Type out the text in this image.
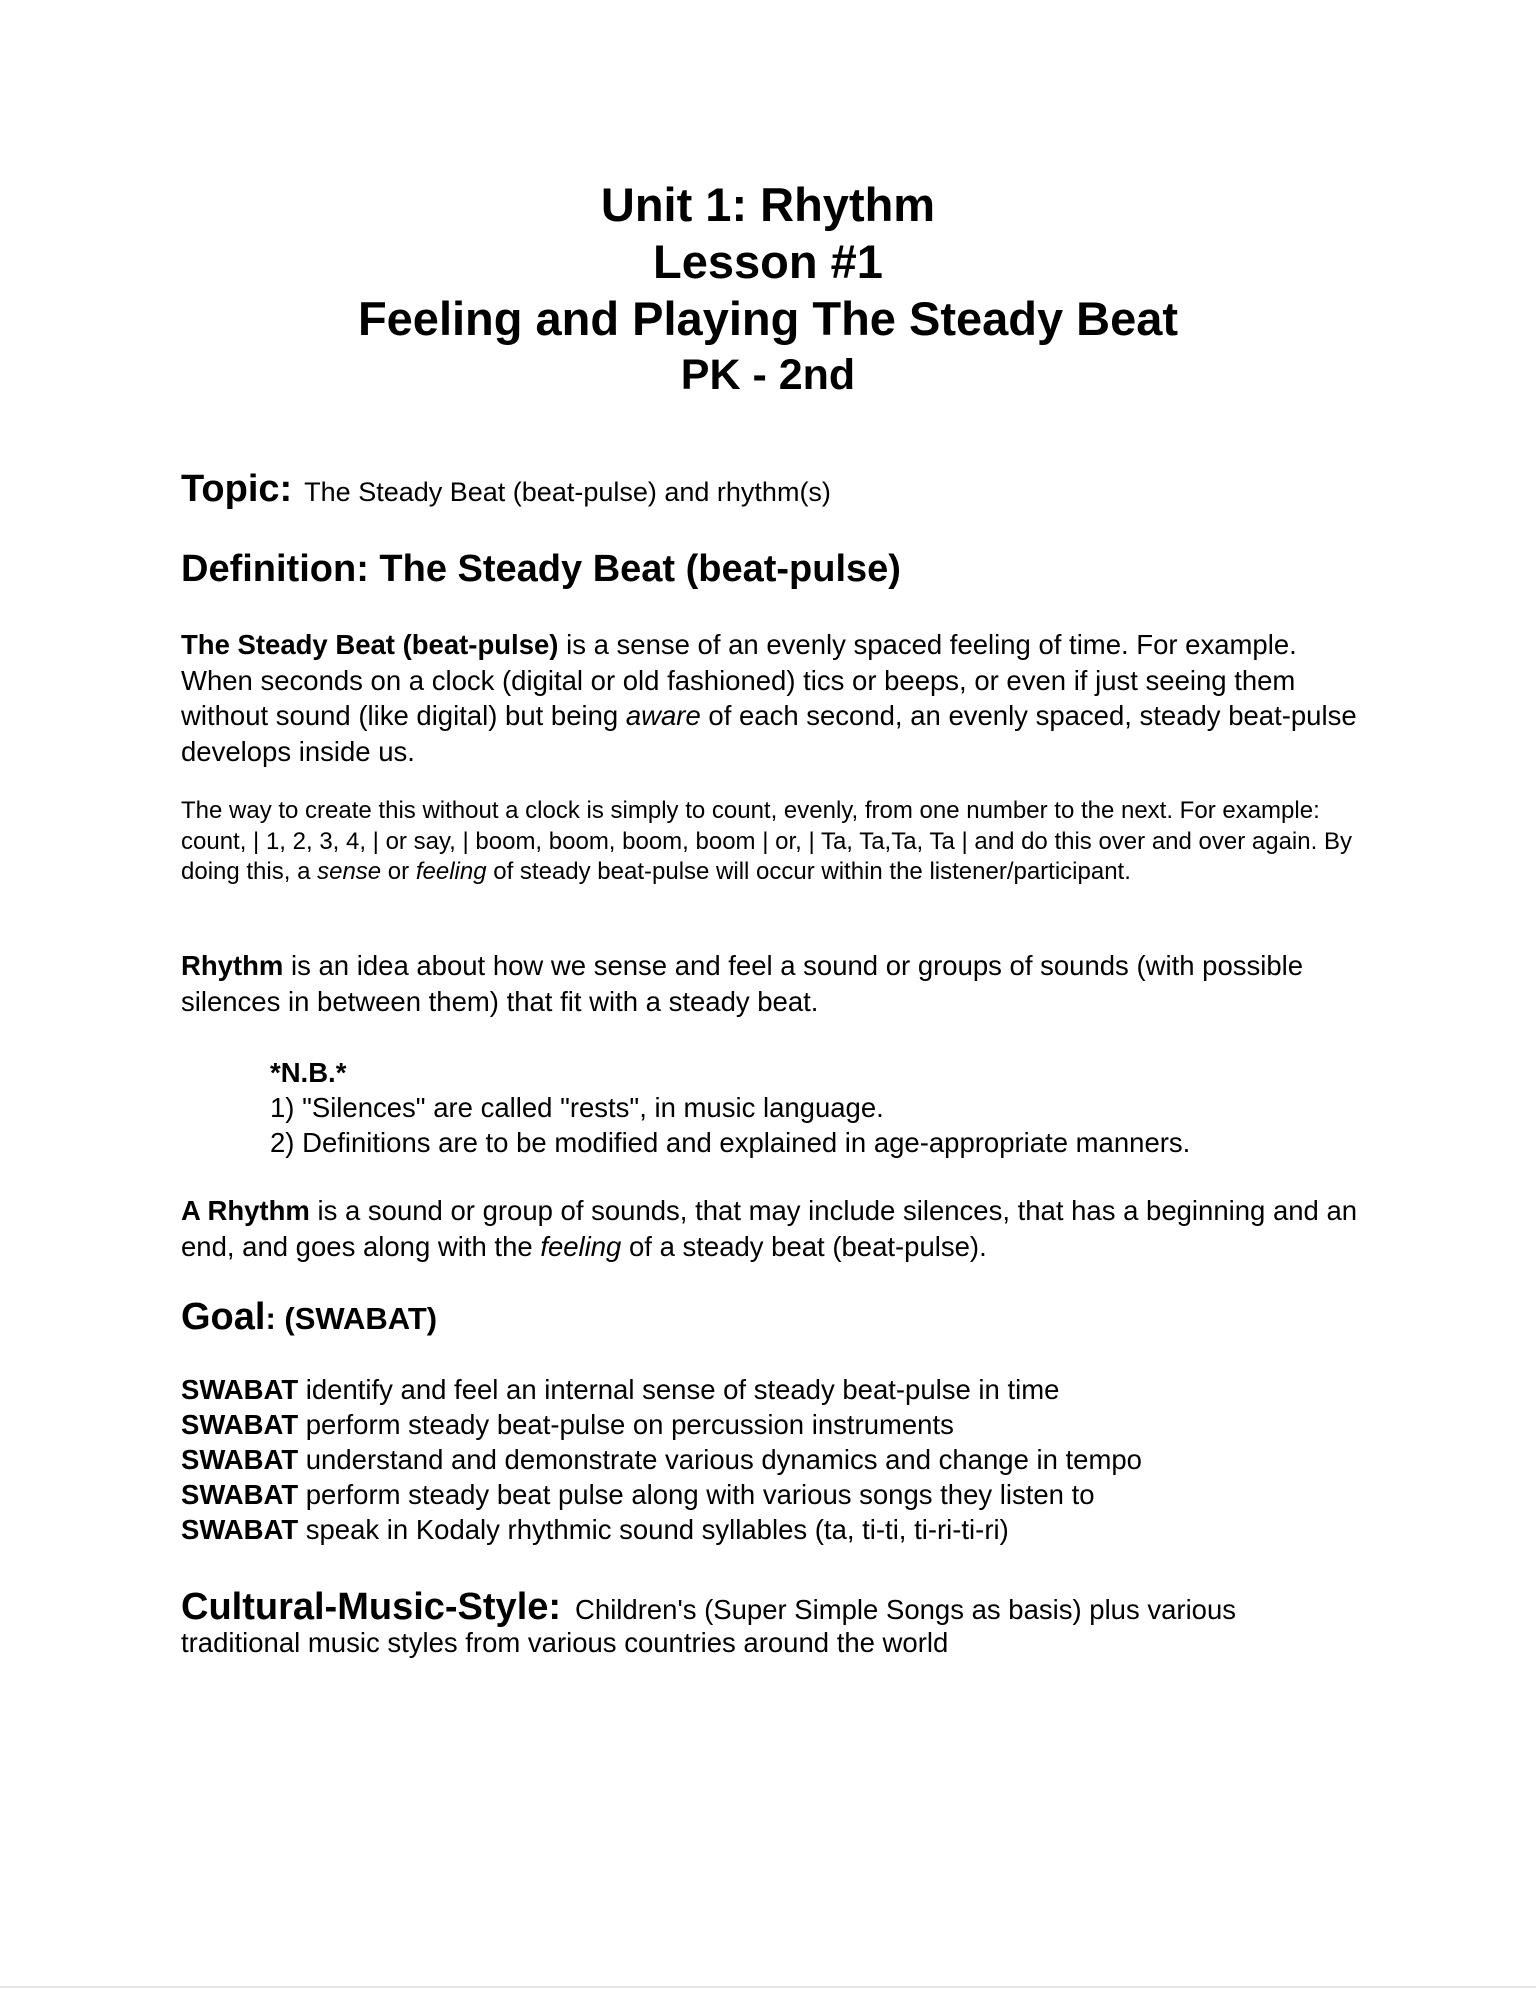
Unit 1: Rhythm
Lesson #1
Feeling and Playing The Steady Beat
PK - 2nd
Topic: The Steady Beat (beat-pulse) and rhythm(s)
Definition: The Steady Beat (beat-pulse)
The Steady Beat (beat-pulse) is a sense of an evenly spaced feeling of time. For example. When seconds on a clock (digital or old fashioned) tics or beeps, or even if just seeing them without sound (like digital) but being aware of each second, an evenly spaced, steady beat-pulse develops inside us.
The way to create this without a clock is simply to count, evenly, from one number to the next. For example: count, | 1, 2, 3, 4, | or say, | boom, boom, boom, boom | or, | Ta, Ta,Ta, Ta | and do this over and over again. By doing this, a sense or feeling of steady beat-pulse will occur within the listener/participant.
Rhythm is an idea about how we sense and feel a sound or groups of sounds (with possible silences in between them) that fit with a steady beat.
*N.B.*
1) "Silences" are called "rests", in music language.
2) Definitions are to be modified and explained in age-appropriate manners.
A Rhythm is a sound or group of sounds, that may include silences, that has a beginning and an end, and goes along with the feeling of a steady beat (beat-pulse).
Goal: (SWABAT)
SWABAT identify and feel an internal sense of steady beat-pulse in time
SWABAT perform steady beat-pulse on percussion instruments
SWABAT understand and demonstrate various dynamics and change in tempo
SWABAT perform steady beat pulse along with various songs they listen to
SWABAT speak in Kodaly rhythmic sound syllables (ta, ti-ti, ti-ri-ti-ri)
Cultural-Music-Style: Children's (Super Simple Songs as basis) plus various
traditional music styles from various countries around the world
